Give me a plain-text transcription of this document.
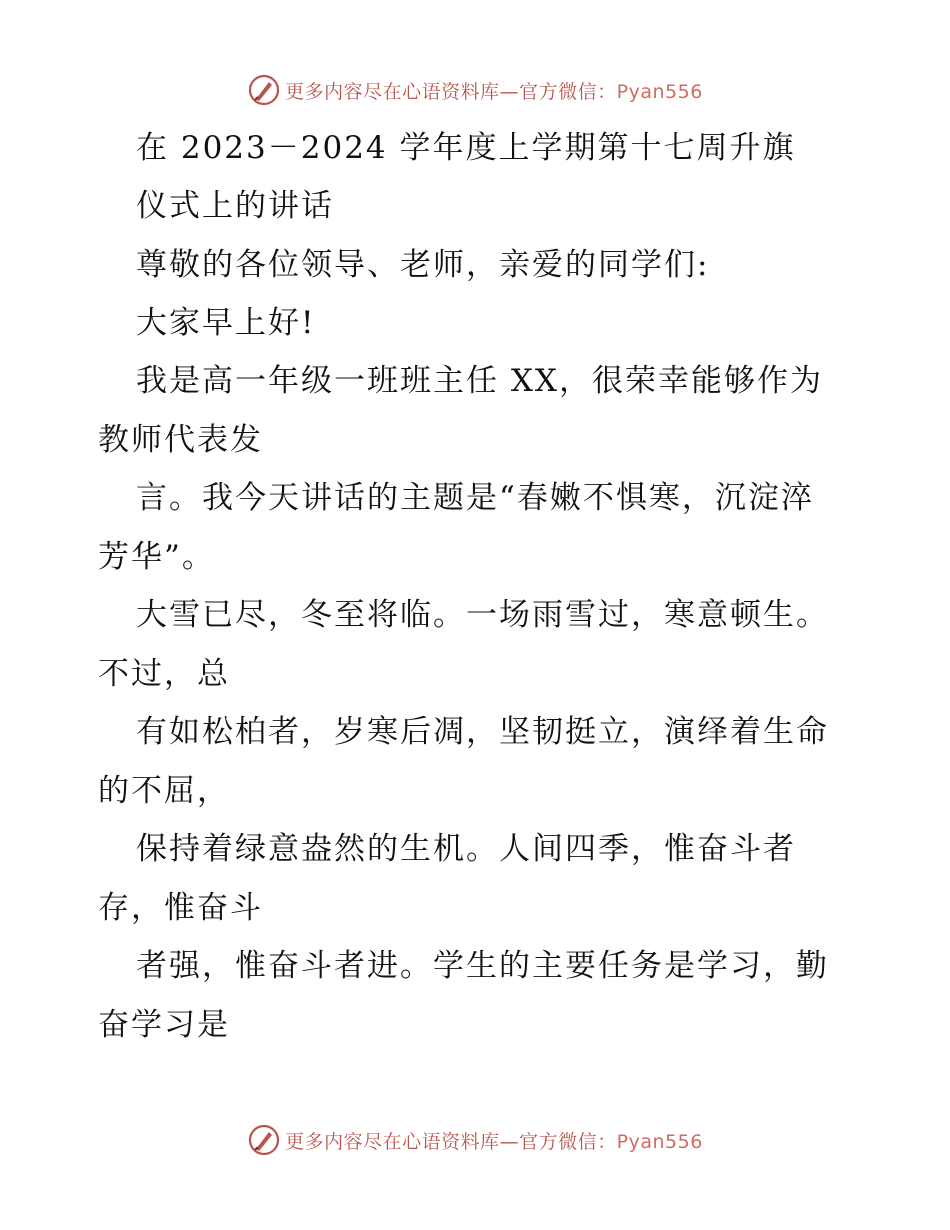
更多内容尽在心语资料库—官方微信：Pyan556
在 2023－2024 学年度上学期第十七周升旗
仪式上的讲话
尊敬的各位领导、老师，亲爱的同学们:
大家早上好!
我是高一年级一班班主任 XX，很荣幸能够作为
教师代表发
言。我今天讲话的主题是“春嫩不惧寒，沉淀淬
芳华”。
大雪已尽，冬至将临。一场雨雪过，寒意顿生。
不过，总
有如松柏者，岁寒后凋，坚韧挺立，演绎着生命
的不屈，
保持着绿意盎然的生机。人间四季，惟奋斗者
存，惟奋斗
者强，惟奋斗者进。学生的主要任务是学习，勤
奋学习是
更多内容尽在心语资料库—官方微信：Pyan556
